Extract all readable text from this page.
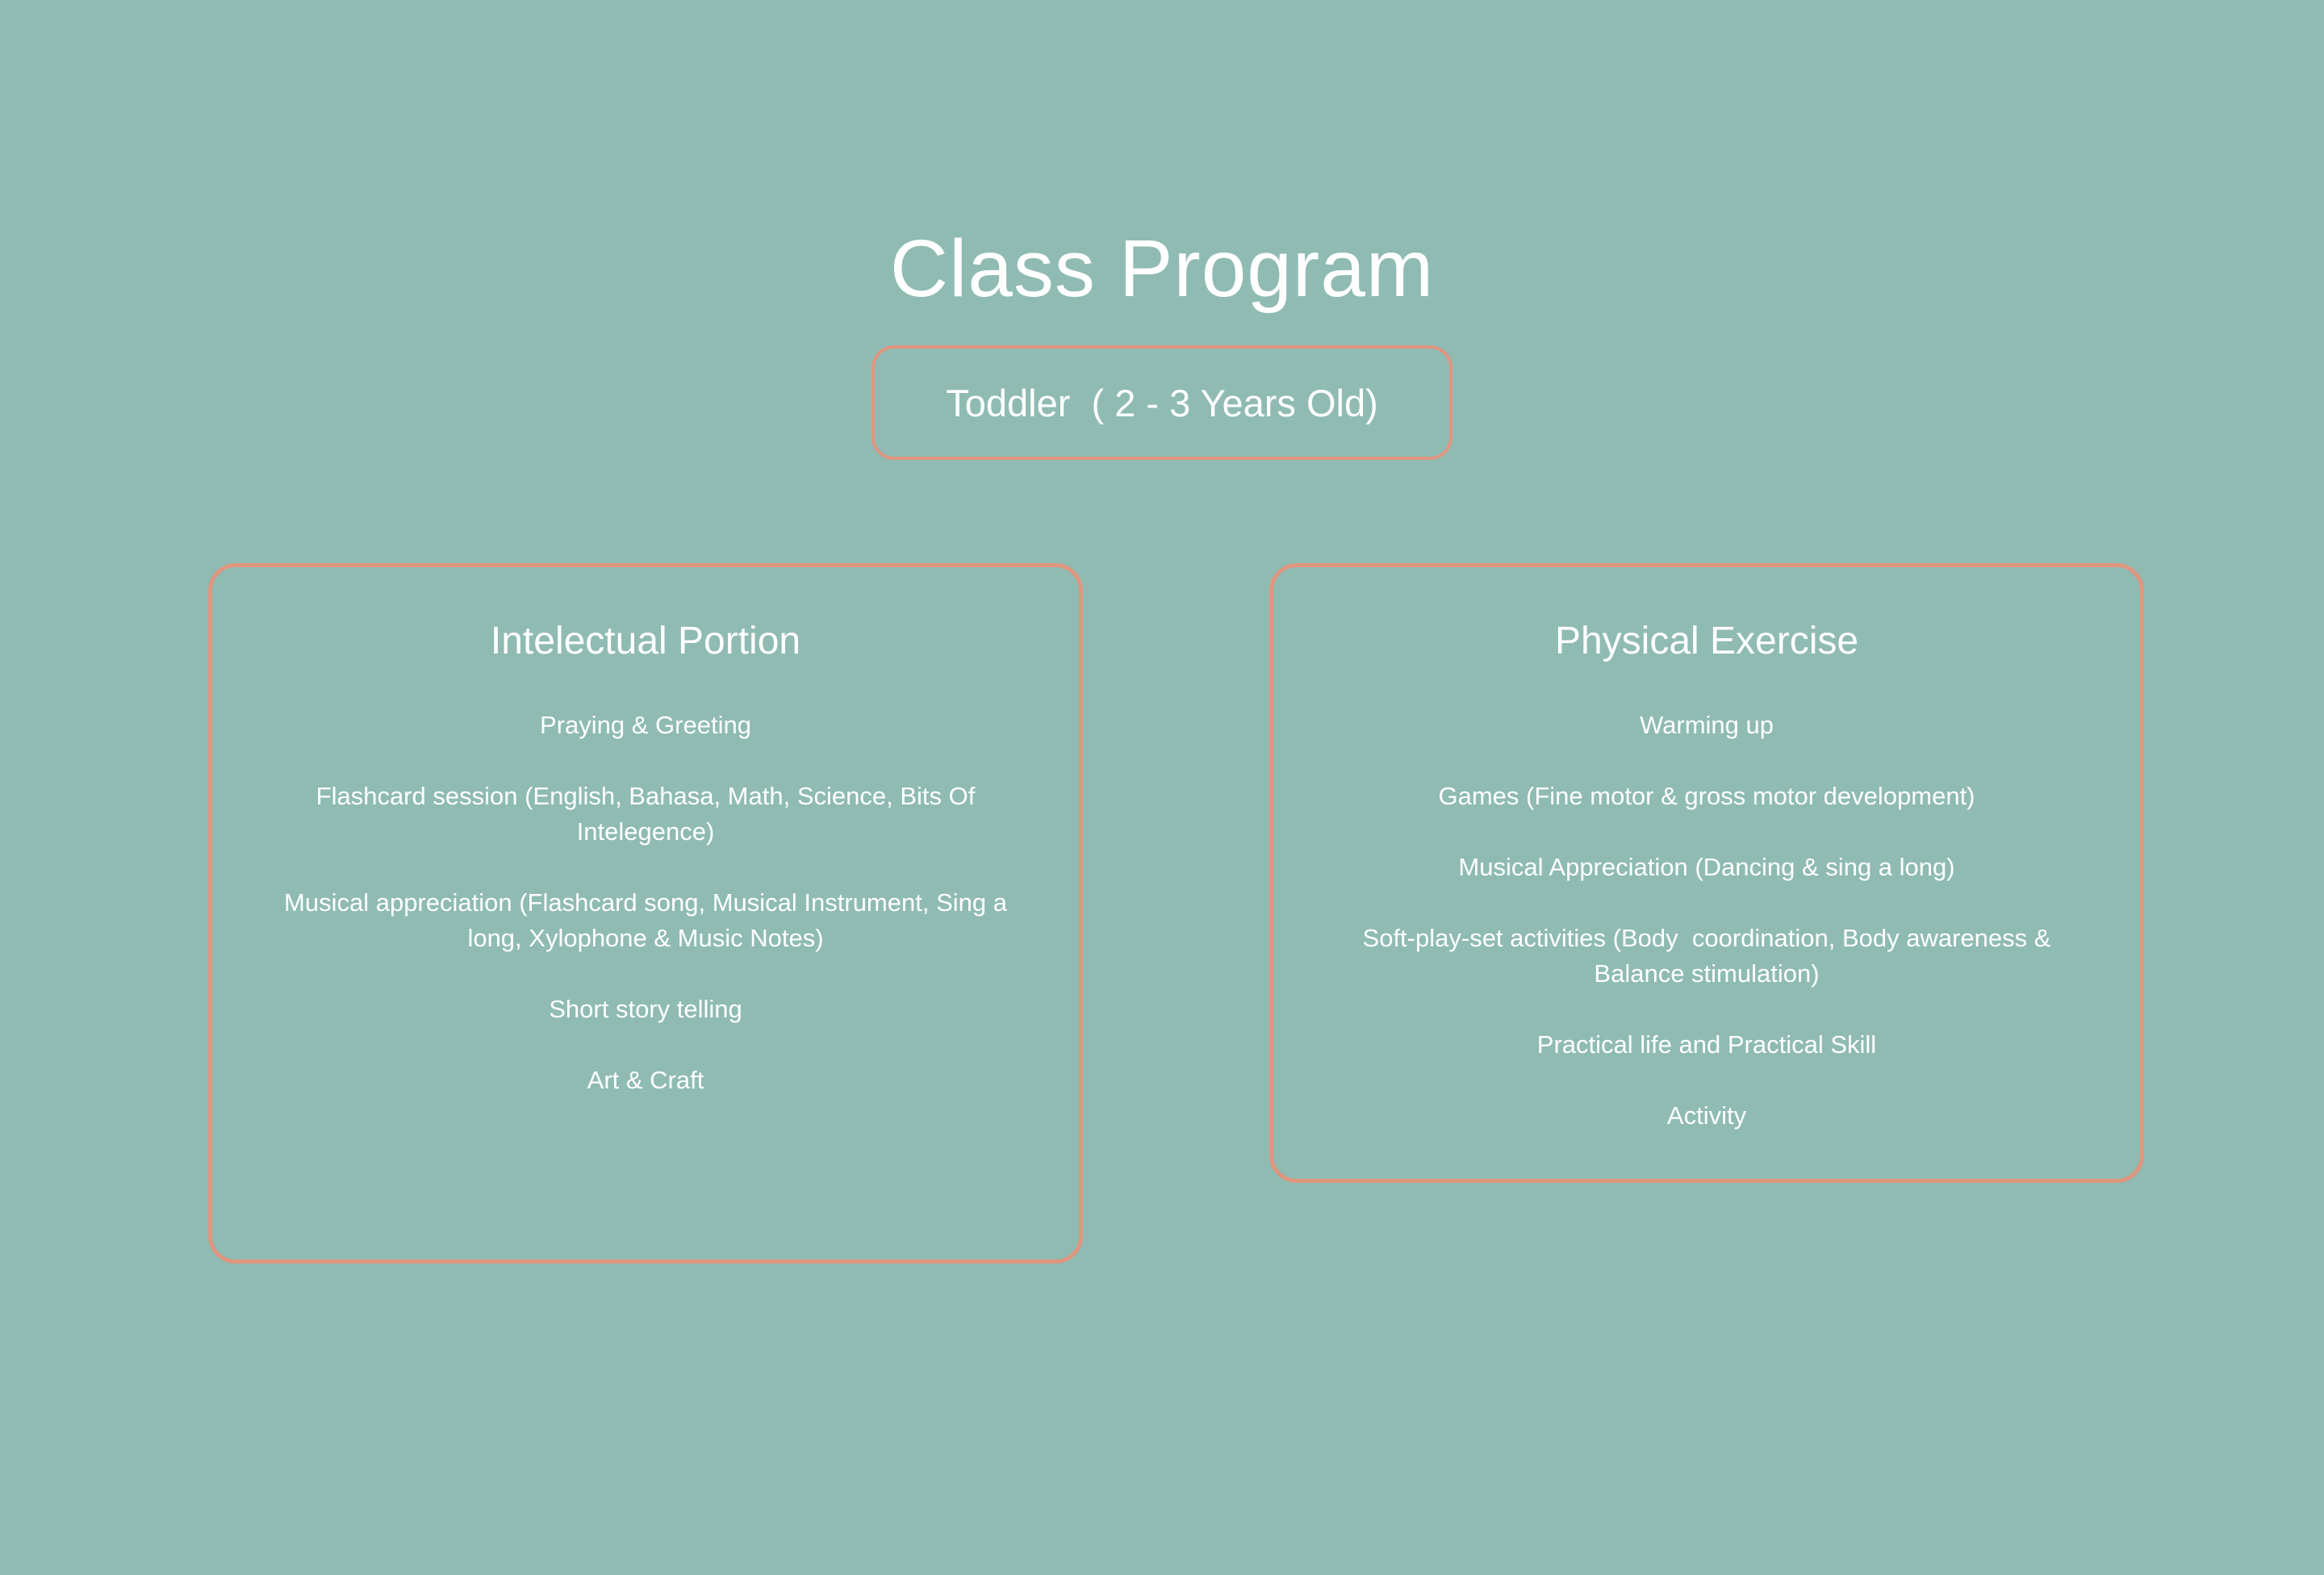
Class Program
Toddler  ( 2 - 3 Years Old)
Intelectual Portion
Praying & Greeting
Flashcard session (English, Bahasa, Math, Science, Bits Of Intelegence)
Musical appreciation (Flashcard song, Musical Instrument, Sing a long, Xylophone & Music Notes)
Short story telling
Art & Craft
Physical Exercise
Warming up
Games (Fine motor & gross motor development)
Musical Appreciation (Dancing & sing a long)
Soft-play-set activities (Body  coordination, Body awareness & Balance stimulation)
Practical life and Practical Skill
Activity
